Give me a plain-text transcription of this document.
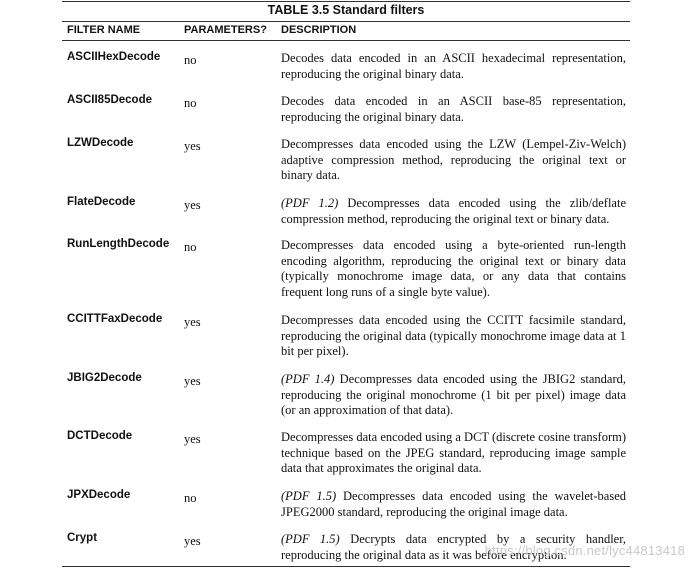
TABLE 3.5 Standard filters
FILTER NAME	PARAMETERS? DESCRIPTION
ASCIIHexDecode no	Decodes data encoded in an ASCII hexadecimal representation, reproducing the original binary data.
ASCII85Decode	no	Decodes data encoded in an ASCII base-85 representation, reproducing the original binary data.
LZWDecode	yes	Decompresses data encoded using the LZW (Lempel-Ziv-Welch) adaptive compression method, reproducing the original text or binary data.
FlateDecode	yes	(PDF 1.2) Decompresses data encoded using the zlib/deflate compression method, reproducing the original text or binary data.
RunLengthDecode no	Decompresses data encoded using a byte-oriented run-length encoding algorithm, reproducing the original text or binary data (typically monochrome image data, or any data that contains frequent long runs of a single byte value).
CCITTFaxDecode yes	Decompresses data encoded using the CCITT facsimile standard, reproducing the original data (typically monochrome image data at 1 bit per pixel).
JBIG2Decode	yes	(PDF 1.4) Decompresses data encoded using the JBIG2 standard, reproducing the original monochrome (1 bit per pixel) image data (or an approximation of that data).
DCTDecode	yes	Decompresses data encoded using a DCT (discrete cosine transform) technique based on the JPEG standard, reproducing image sample data that approximates the original data.
JPXDecode	no	(PDF 1.5) Decompresses data encoded using the wavelet-based JPEG2000 standard, reproducing the original image data.
Crypt	yes	(PDF 1.5) Decrypts data encrypted by a security handler, reproducing the original data as it was before encryption.
https://blog.csdn.net/lyc44813418
